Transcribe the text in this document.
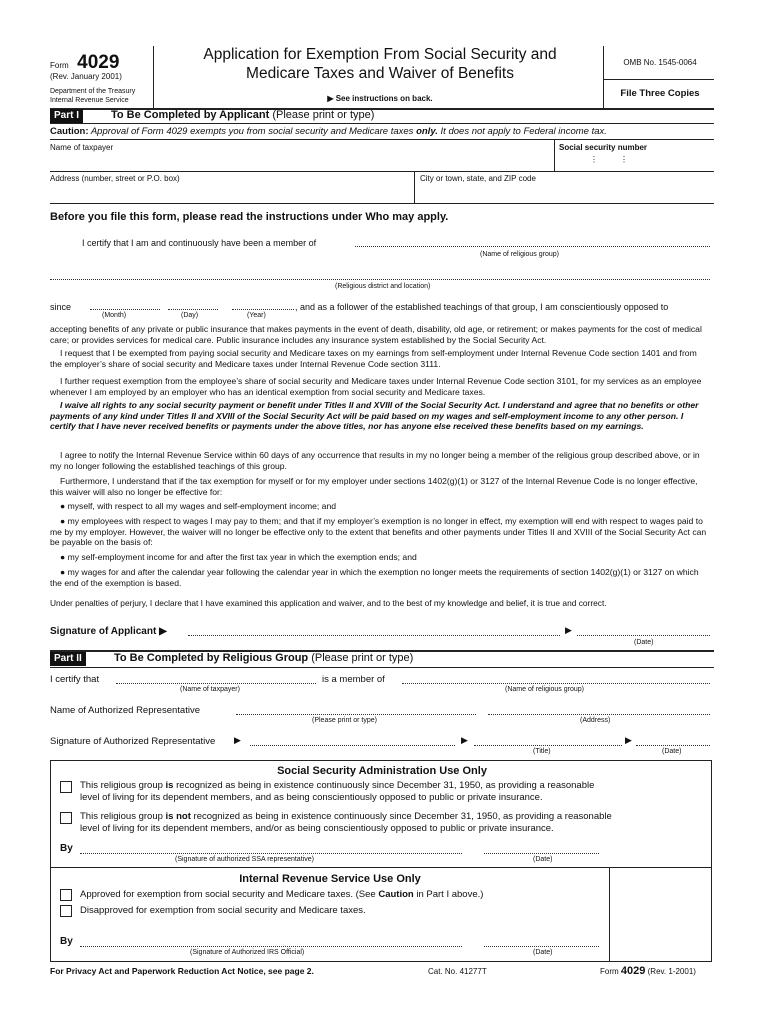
Form 4029
(Rev. January 2001)
Department of the Treasury
Internal Revenue Service
Application for Exemption From Social Security and
Medicare Taxes and Waiver of Benefits
▶ See instructions on back.
OMB No. 1545-0064
File Three Copies
Part I	To Be Completed by Applicant (Please print or type)
Caution: Approval of Form 4029 exempts you from social security and Medicare taxes only. It does not apply to Federal income tax.
Name of taxpayer	Social security number
⋮⋮
Address (number, street or P.O. box)	City or town, state, and ZIP code
Before you file this form, please read the instructions under Who may apply.
I certify that I am and continuously have been a member of
(Name of religious group)
(Religious district and location)
since	, and as a follower of the established teachings of that group, I am conscientiously opposed to
(Month)	(Day)	(Year)
accepting benefits of any private or public insurance that makes payments in the event of death, disability, old age, or retirement; or makes payments for the cost of medical care; or provides services for medical care. Public insurance includes any insurance system established by the Social Security Act.
I request that I be exempted from paying social security and Medicare taxes on my earnings from self-employment under Internal Revenue Code section 1401 and from the employer’s share of social security and Medicare taxes under Internal Revenue Code section 3111.
I further request exemption from the employee’s share of social security and Medicare taxes under Internal Revenue Code section 3101, for my services as an employee whenever I am employed by an employer who has an identical exemption from social security and Medicare taxes.
I waive all rights to any social security payment or benefit under Titles II and XVIII of the Social Security Act. I understand and agree that no benefits or other payments of any kind under Titles II and XVIII of the Social Security Act will be paid based on my wages and self-employment income to any other person. I certify that I have never received benefits or payments under the above titles, nor has anyone else received these benefits based on my earnings.
I agree to notify the Internal Revenue Service within 60 days of any occurrence that results in my no longer being a member of the religious group described above, or in my no longer following the established teachings of this group.
Furthermore, I understand that if the tax exemption for myself or for my employer under sections 1402(g)(1) or 3127 of the Internal Revenue Code is no longer effective, this waiver will also no longer be effective for:
● myself, with respect to all my wages and self-employment income; and
● my employees with respect to wages I may pay to them; and that if my employer’s exemption is no longer in effect, my exemption will end with respect to wages paid to me by my employer. However, the waiver will no longer be effective only to the extent that benefits and other payments under Titles II and XVIII of the Social Security Act can be payable on the basis of:
● my self-employment income for and after the first tax year in which the exemption ends; and
● my wages for and after the calendar year following the calendar year in which the exemption no longer meets the requirements of section 1402(g)(1) or 3127 on which the end of the exemption is based.
Under penalties of perjury, I declare that I have examined this application and waiver, and to the best of my knowledge and belief, it is true and correct.
Signature of Applicant ▶	▶
(Date)
Part II	To Be Completed by Religious Group (Please print or type)
I certify that	is a member of
(Name of taxpayer)	(Name of religious group)
Name of Authorized Representative
(Please print or type)	(Address)
Signature of Authorized Representative ▶	▶	▶
(Title)	(Date)
Social Security Administration Use Only
This religious group is recognized as being in existence continuously since December 31, 1950, as providing a reasonable
level of living for its dependent members, and as being conscientiously opposed to public or private insurance.
This religious group is not recognized as being in existence continuously since December 31, 1950, as providing a reasonable
level of living for its dependent members, and/or as being conscientiously opposed to public or private insurance.
By
(Signature of authorized SSA representative)	(Date)
Internal Revenue Service Use Only
Approved for exemption from social security and Medicare taxes. (See Caution in Part I above.)
Disapproved for exemption from social security and Medicare taxes.
By
(Signature of Authorized IRS Official)	(Date)
For Privacy Act and Paperwork Reduction Act Notice, see page 2.	Cat. No. 41277T	Form 4029 (Rev. 1-2001)
